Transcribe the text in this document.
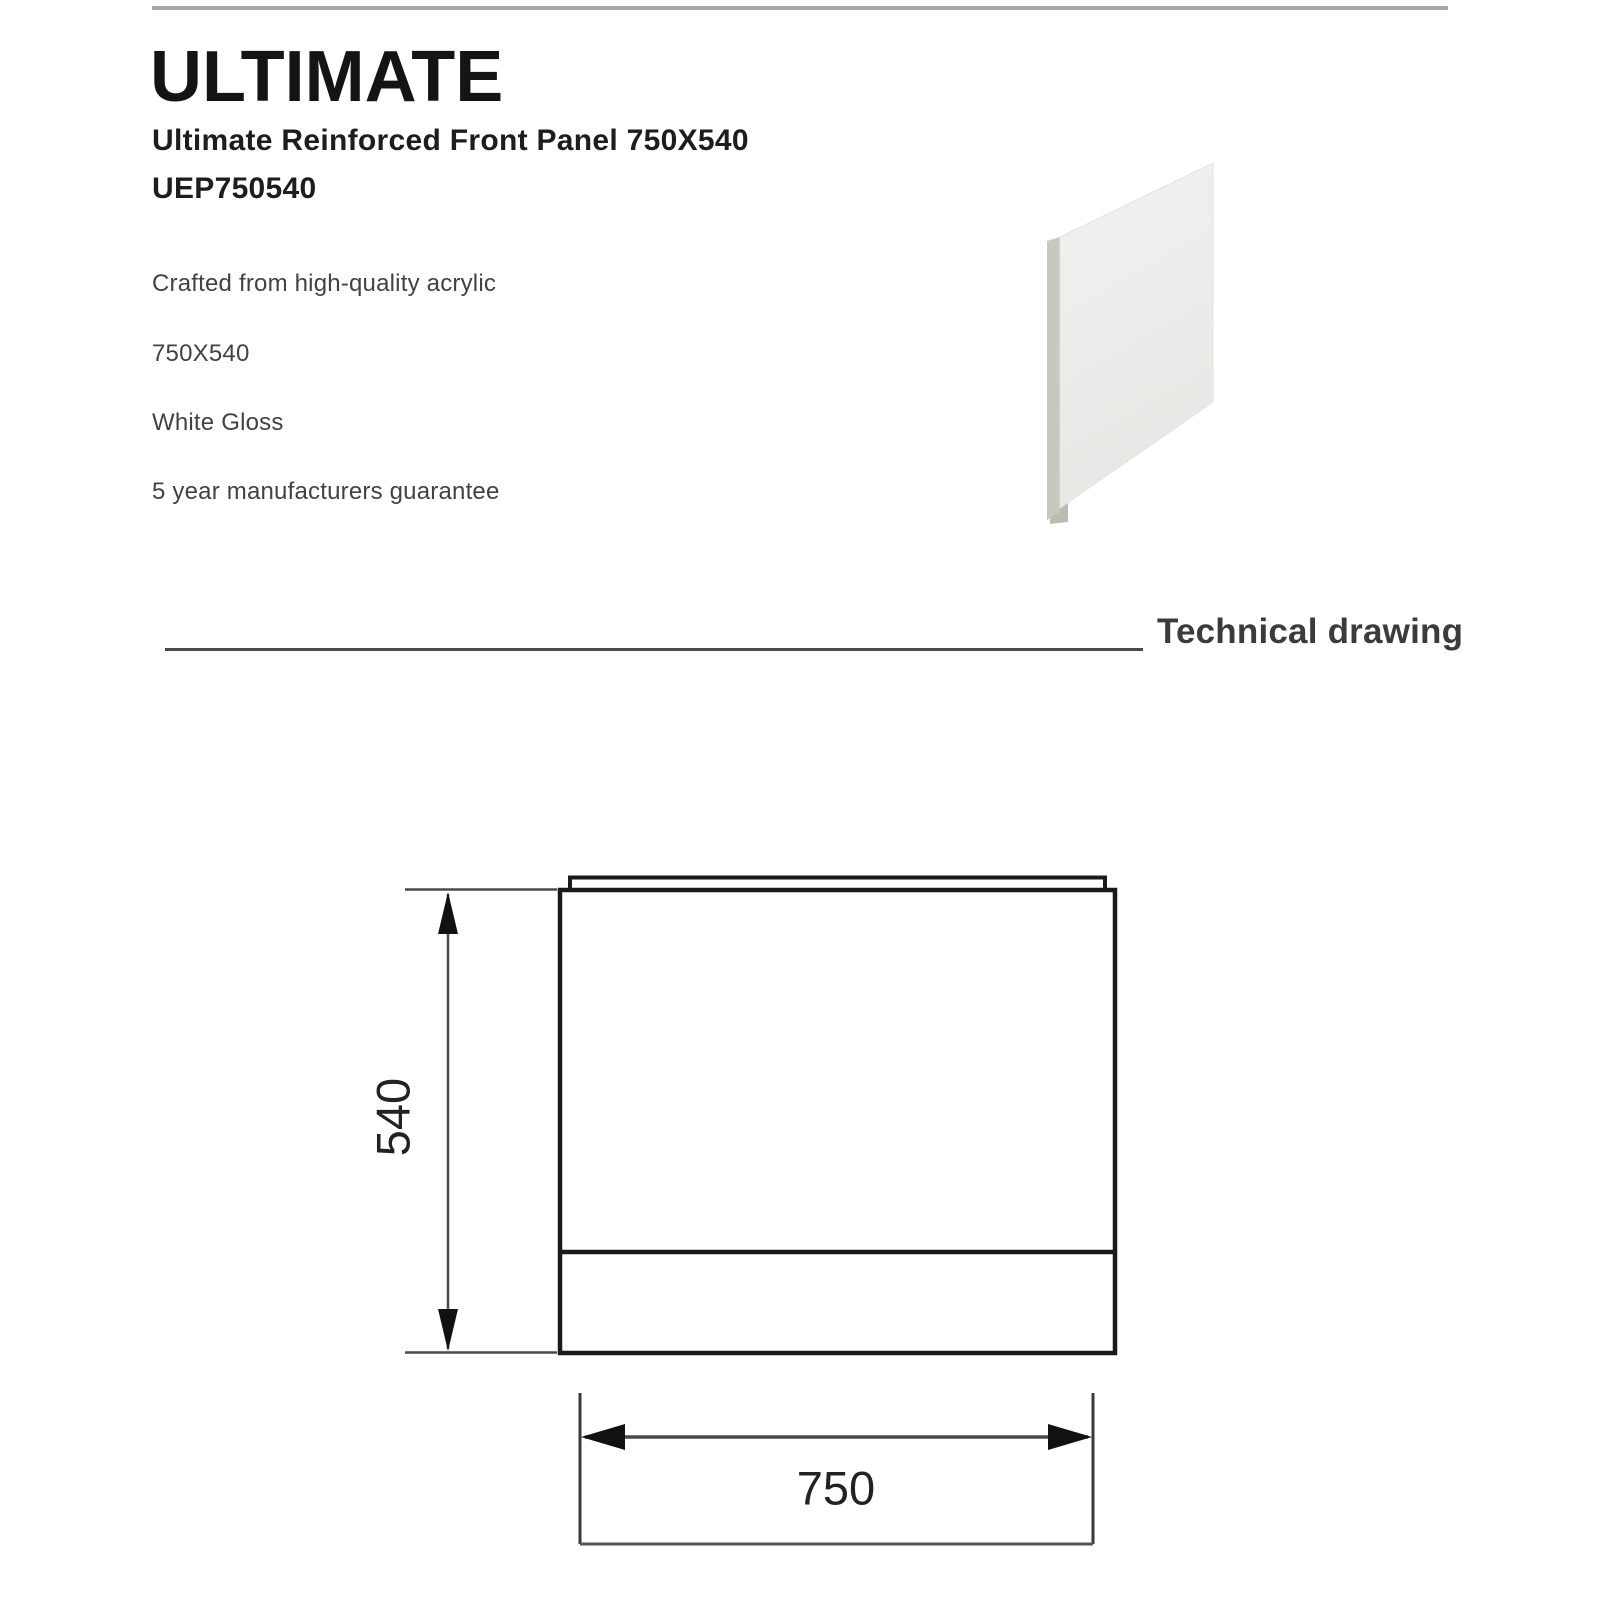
ULTIMATE
Ultimate Reinforced Front Panel 750X540
UEP750540
Crafted from high-quality acrylic
750X540
White Gloss
5 year manufacturers guarantee
Technical drawing
540
750
